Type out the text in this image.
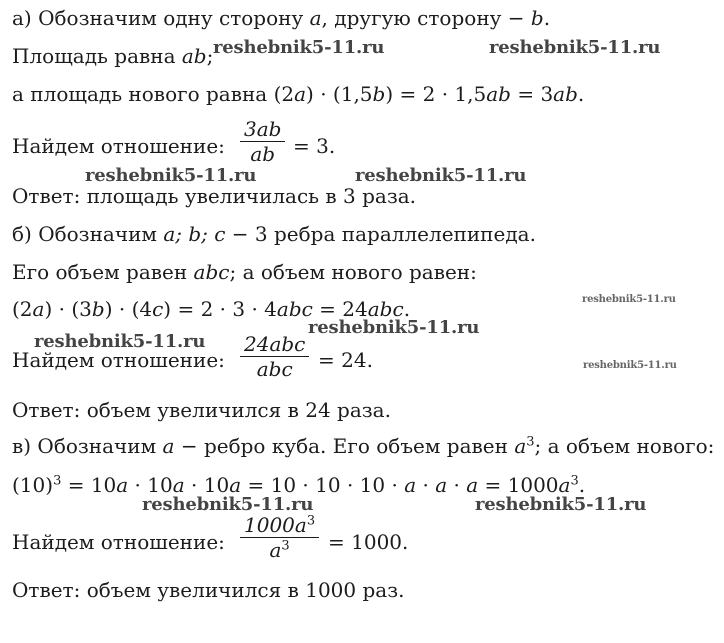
а) Обозначим одну сторону a, другую сторону − b.
Площадь равна ab;
а площадь нового равна (2a) · (1,5b) = 2 · 1,5ab = 3ab.
Найдем отношение: $\frac{3ab}{ab} = 3$.
Ответ: площадь увеличилась в 3 раза.
б) Обозначим a; b; c − 3 ребра параллелепипеда.
Его объем равен abc; а объем нового равен:
(2a) · (3b) · (4c) = 2 · 3 · 4abc = 24abc.
Найдем отношение:
24abc
abc	= 24.
Ответ: объем увеличился в 24 раза.
в) Обозначим a − ребро куба. Его объем равен $a^3$; а объем нового:
$(10)^3 = 10a \cdot 10a \cdot 10a = 10 \cdot 10 \cdot 10 \cdot a \cdot a \cdot a = 1000a^3$.
Найдем отношение: $\frac{1000a^3}{a^3} = 1000$.
Ответ: объем увеличился в 1000 раз.
reshebnik5-11.ru	reshebnik5-11.ru
reshebnik5-11.ru	reshebnik5-11.ru
reshebnik5-11.ru
reshebnik5-11.ru
reshebnik5-11.ru
reshebnik5-11.ru
reshebnik5-11.ru	reshebnik5-11.ru
